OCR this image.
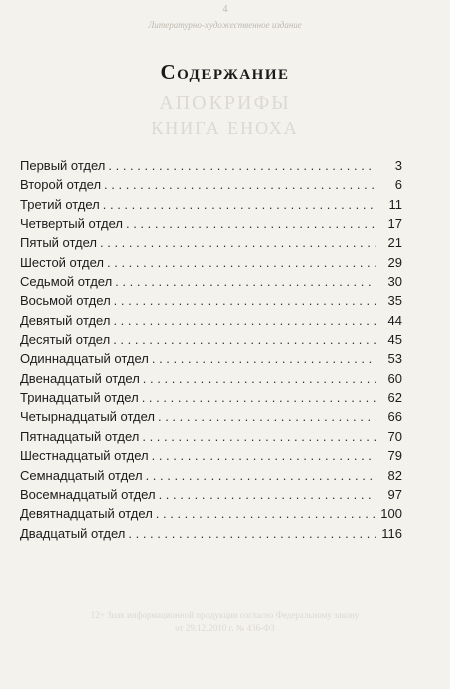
4
Литературно-художественное издание
АПОКРИФЫ
КНИГА ЕНОХА
12+ Знак информационной продукции согласно Федеральному закону
от 29.12.2010 г. № 436-ФЗ
Содержание
Первый отдел . . .	3
Второй отдел . . .	6
Третий отдел . . .	11
Четвертый отдел . . .	17
Пятый отдел . . .	21
Шестой отдел . . .	29
Седьмой отдел . . .	30
Восьмой отдел . . .	35
Девятый отдел . . .	44
Десятый отдел . . .	45
Одиннадцатый отдел . . .	53
Двенадцатый отдел . . .	60
Тринадцатый отдел . . .	62
Четырнадцатый отдел . . .	66
Пятнадцатый отдел . . .	70
Шестнадцатый отдел . . .	79
Семнадцатый отдел . . .	82
Восемнадцатый отдел . . .	97
Девятнадцатый отдел . . .	100
Двадцатый отдел . . .	116
